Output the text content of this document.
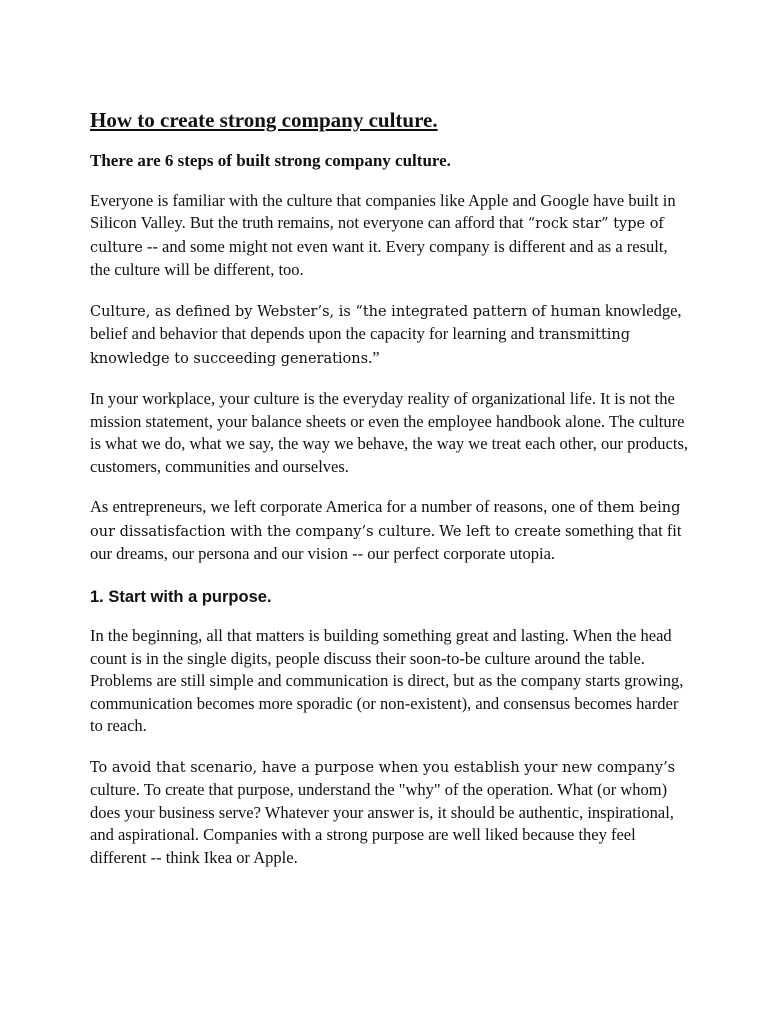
How to create strong company culture.
There are 6 steps of built strong company culture.

Everyone is familiar with the culture that companies like Apple and Google have built in Silicon Valley. But the truth remains, not everyone can afford that “rock star” type of culture -- and some might not even want it. Every company is different and as a result, the culture will be different, too.

Culture, as defined by Webster’s, is “the integrated pattern of human knowledge, belief and behavior that depends upon the capacity for learning and transmitting knowledge to succeeding generations.”

In your workplace, your culture is the everyday reality of organizational life. It is not the mission statement, your balance sheets or even the employee handbook alone. The culture is what we do, what we say, the way we behave, the way we treat each other, our products, customers, communities and ourselves.

As entrepreneurs, we left corporate America for a number of reasons, one of them being our dissatisfaction with the company’s culture. We left to create something that fit our dreams, our persona and our vision -- our perfect corporate utopia.

1. Start with a purpose.

In the beginning, all that matters is building something great and lasting. When the head count is in the single digits, people discuss their soon-to-be culture around the table. Problems are still simple and communication is direct, but as the company starts growing, communication becomes more sporadic (or non-existent), and consensus becomes harder to reach.

To avoid that scenario, have a purpose when you establish your new company’s culture. To create that purpose, understand the "why" of the operation. What (or whom) does your business serve? Whatever your answer is, it should be authentic, inspirational, and aspirational. Companies with a strong purpose are well liked because they feel different -- think Ikea or Apple.
